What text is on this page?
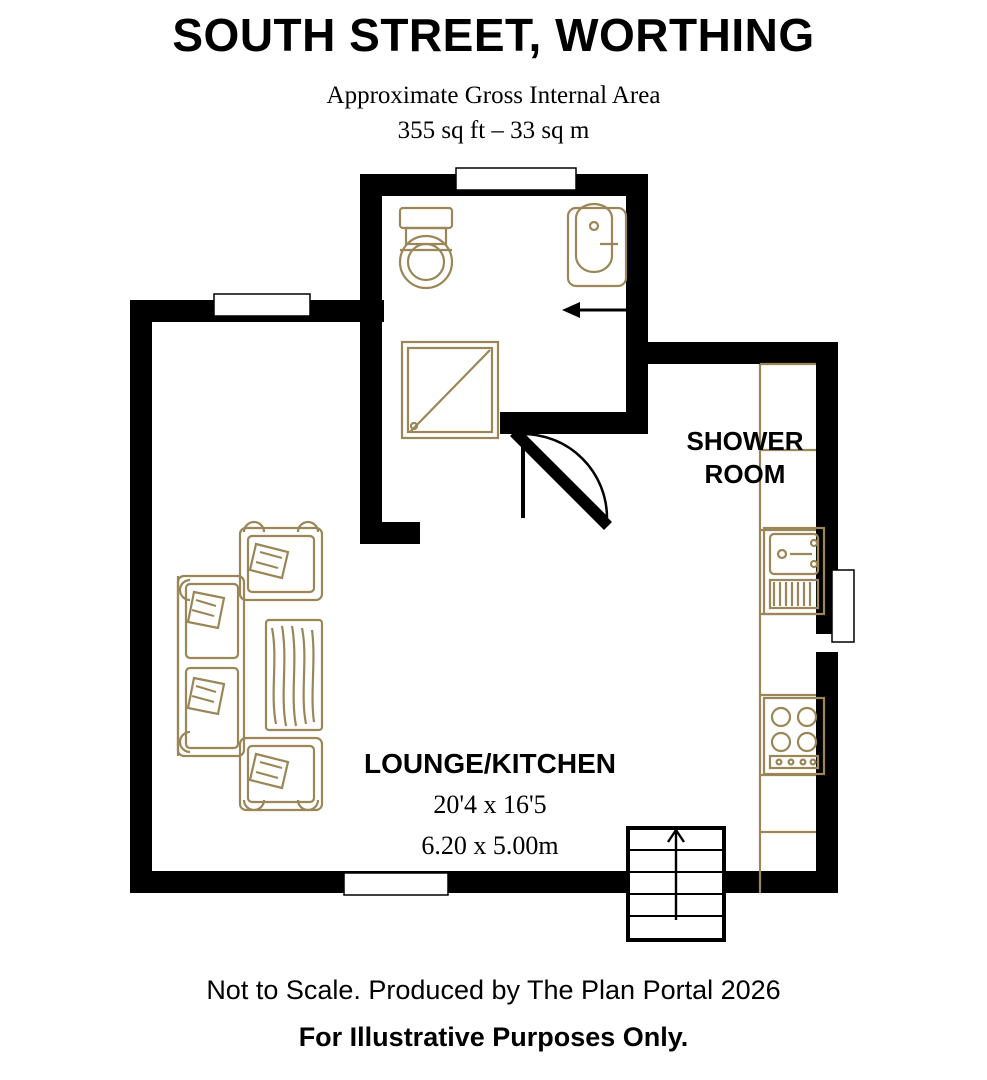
SOUTH STREET, WORTHING
Approximate Gross Internal Area
355 sq ft – 33 sq m
SHOWER
ROOM
LOUNGE/KITCHEN
20'4 x 16'5
6.20 x 5.00m
Not to Scale. Produced by The Plan Portal 2026
For Illustrative Purposes Only.
